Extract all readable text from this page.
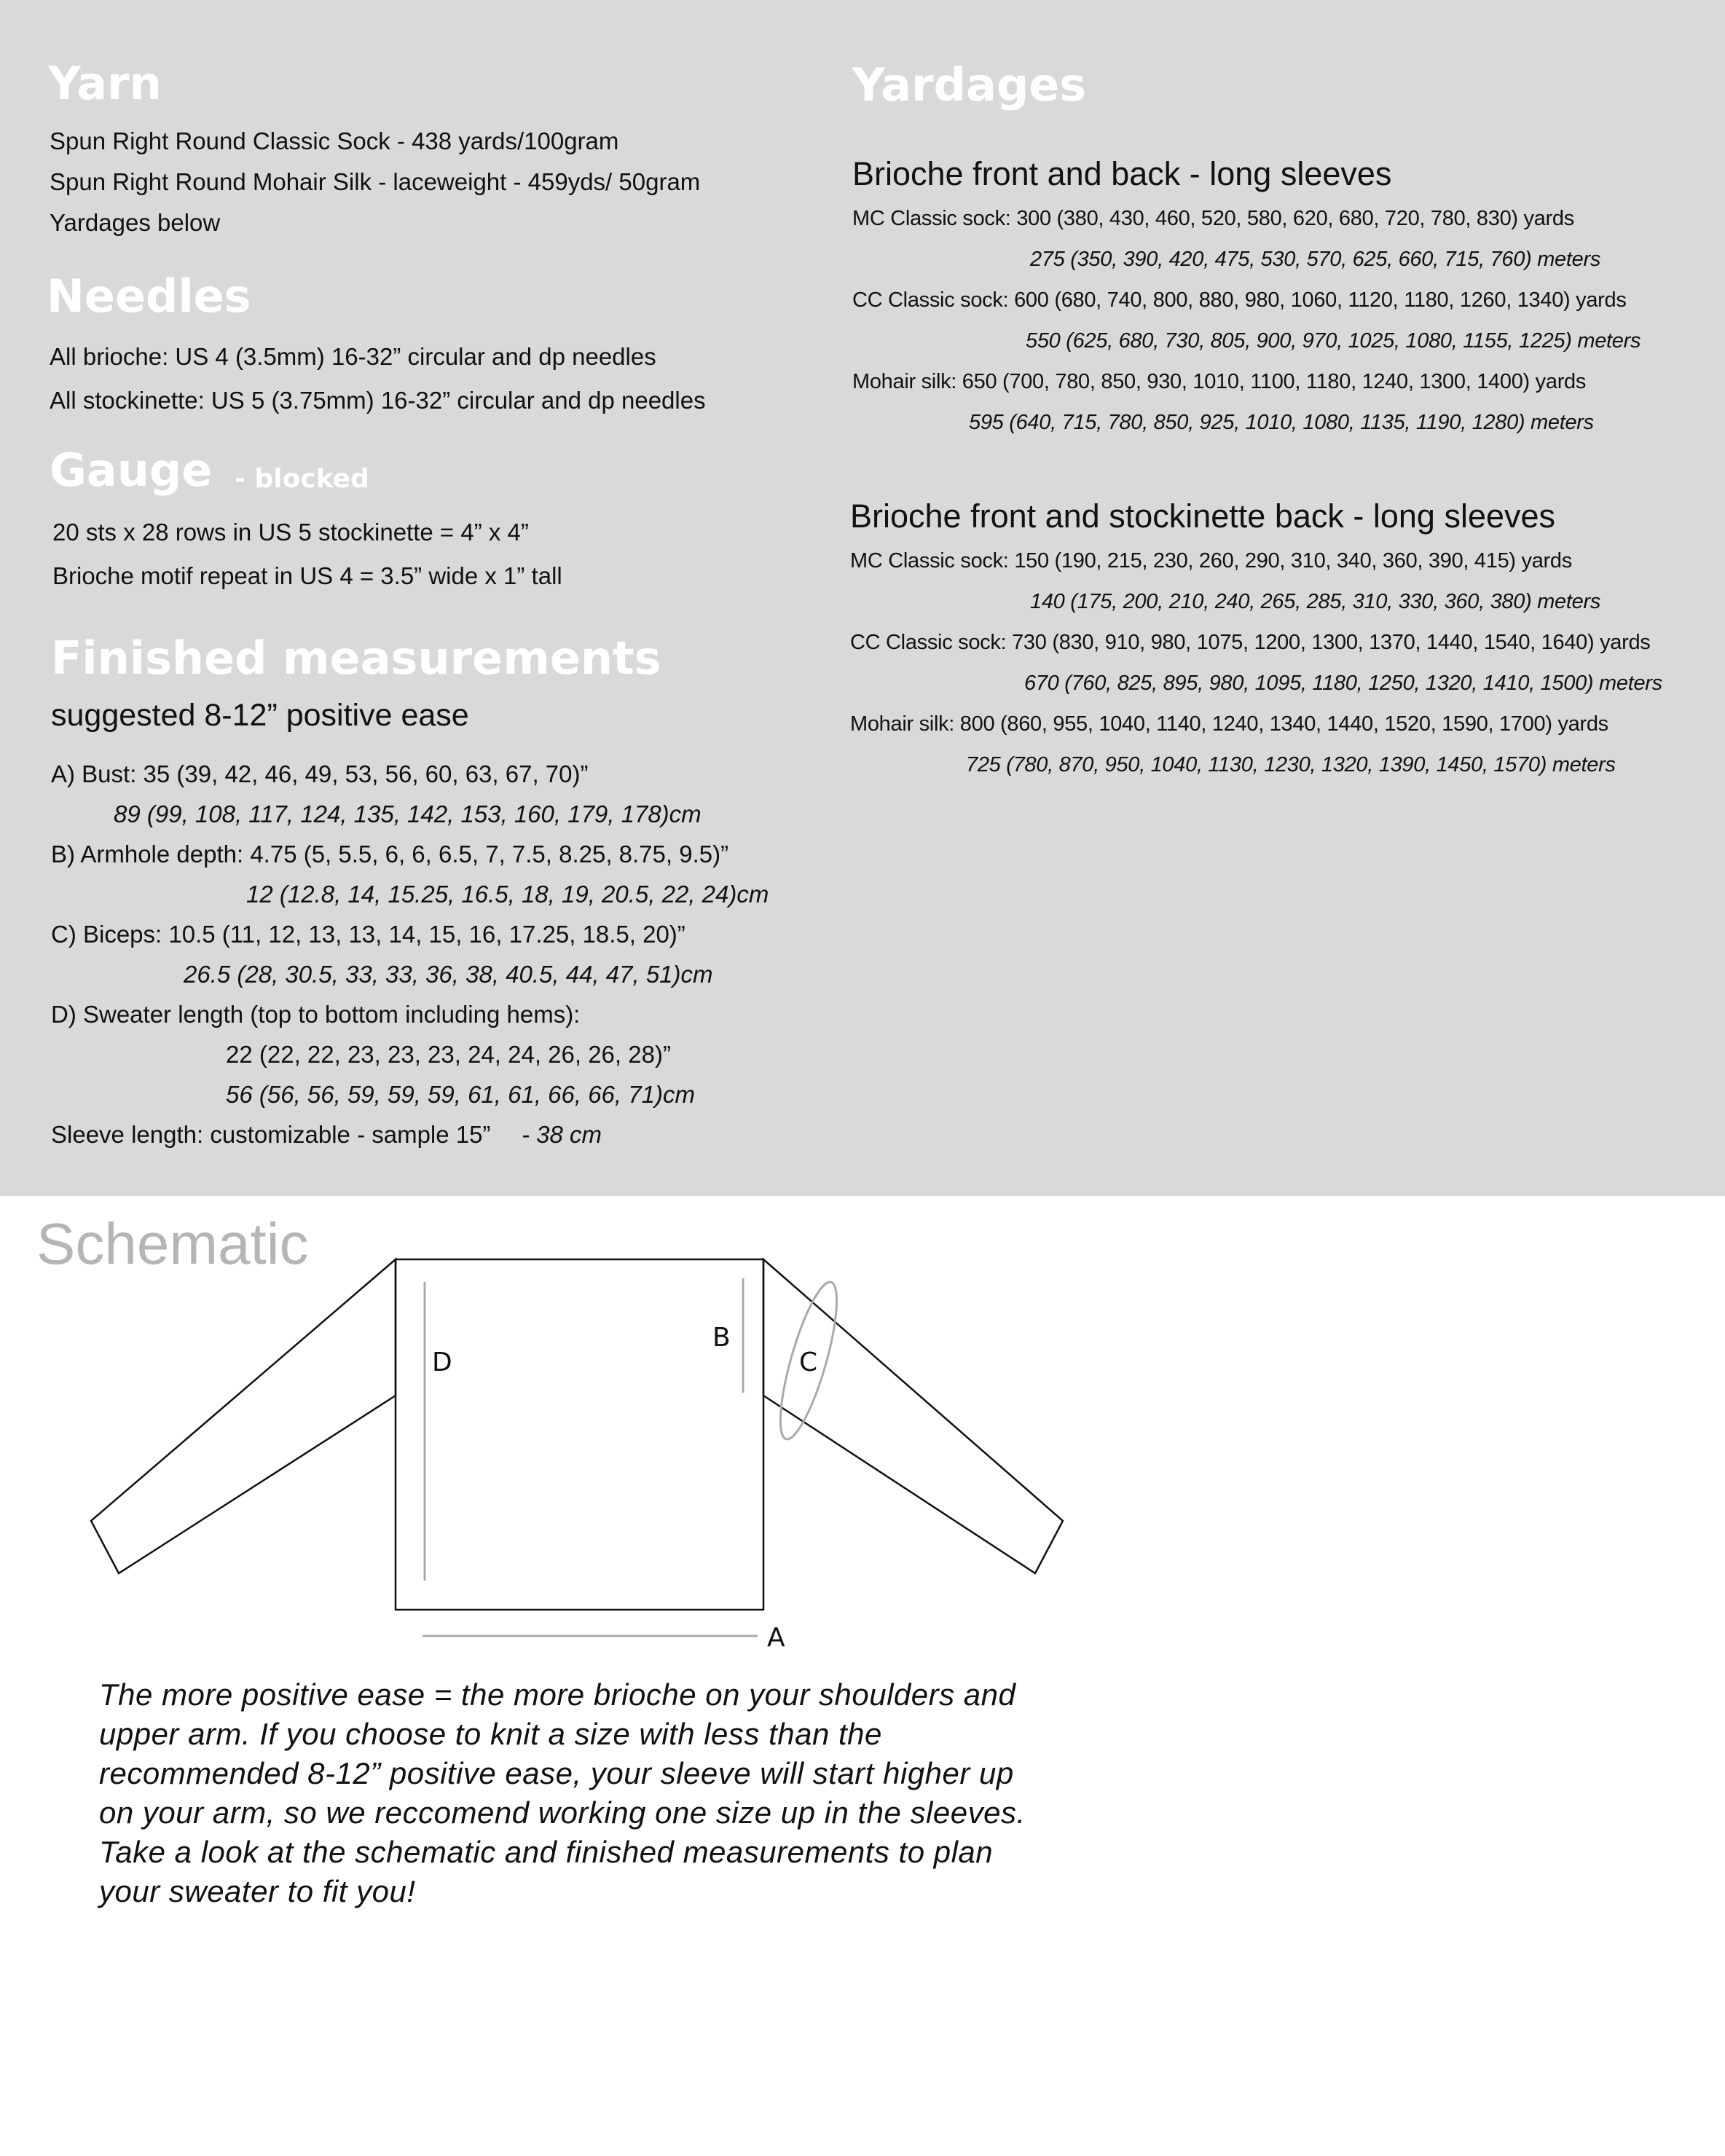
Yarn
Spun Right Round Classic Sock - 438 yards/100gram
Spun Right Round Mohair Silk - laceweight - 459yds/ 50gram
Yardages below
Needles
All brioche: US 4 (3.5mm) 16-32” circular and dp needles
All stockinette: US 5 (3.75mm) 16-32” circular and dp needles
Gauge - blocked
20 sts x 28 rows in US 5 stockinette = 4” x 4”
Brioche motif repeat in US 4 = 3.5” wide x 1” tall
Finished measurements
suggested 8-12” positive ease
A) Bust: 35 (39, 42, 46, 49, 53, 56, 60, 63, 67, 70)”
89 (99, 108, 117, 124, 135, 142, 153, 160, 179, 178)cm
B) Armhole depth: 4.75 (5, 5.5, 6, 6, 6.5, 7, 7.5, 8.25, 8.75, 9.5)”
12 (12.8, 14, 15.25, 16.5, 18, 19, 20.5, 22, 24)cm
C) Biceps: 10.5 (11, 12, 13, 13, 14, 15, 16, 17.25, 18.5, 20)”
26.5 (28, 30.5, 33, 33, 36, 38, 40.5, 44, 47, 51)cm
D) Sweater length (top to bottom including hems):
22 (22, 22, 23, 23, 23, 24, 24, 26, 26, 28)”
56 (56, 56, 59, 59, 59, 61, 61, 66, 66, 71)cm
Sleeve length: customizable - sample 15” - 38 cm
Yardages
Brioche front and back - long sleeves
MC Classic sock: 300 (380, 430, 460, 520, 580, 620, 680, 720, 780, 830) yards
275 (350, 390, 420, 475, 530, 570, 625, 660, 715, 760) meters
CC Classic sock: 600 (680, 740, 800, 880, 980, 1060, 1120, 1180, 1260, 1340) yards
550 (625, 680, 730, 805, 900, 970, 1025, 1080, 1155, 1225) meters
Mohair silk: 650 (700, 780, 850, 930, 1010, 1100, 1180, 1240, 1300, 1400) yards
595 (640, 715, 780, 850, 925, 1010, 1080, 1135, 1190, 1280) meters
Brioche front and stockinette back - long sleeves
MC Classic sock: 150 (190, 215, 230, 260, 290, 310, 340, 360, 390, 415) yards
140 (175, 200, 210, 240, 265, 285, 310, 330, 360, 380) meters
CC Classic sock: 730 (830, 910, 980, 1075, 1200, 1300, 1370, 1440, 1540, 1640) yards
670 (760, 825, 895, 980, 1095, 1180, 1250, 1320, 1410, 1500) meters
Mohair silk: 800 (860, 955, 1040, 1140, 1240, 1340, 1440, 1520, 1590, 1700) yards
725 (780, 870, 950, 1040, 1130, 1230, 1320, 1390, 1450, 1570) meters
Schematic
D
B
C
A
The more positive ease = the more brioche on your shoulders and
upper arm. If you choose to knit a size with less than the
recommended 8-12” positive ease, your sleeve will start higher up
on your arm, so we reccomend working one size up in the sleeves.
Take a look at the schematic and finished measurements to plan
your sweater to fit you!
